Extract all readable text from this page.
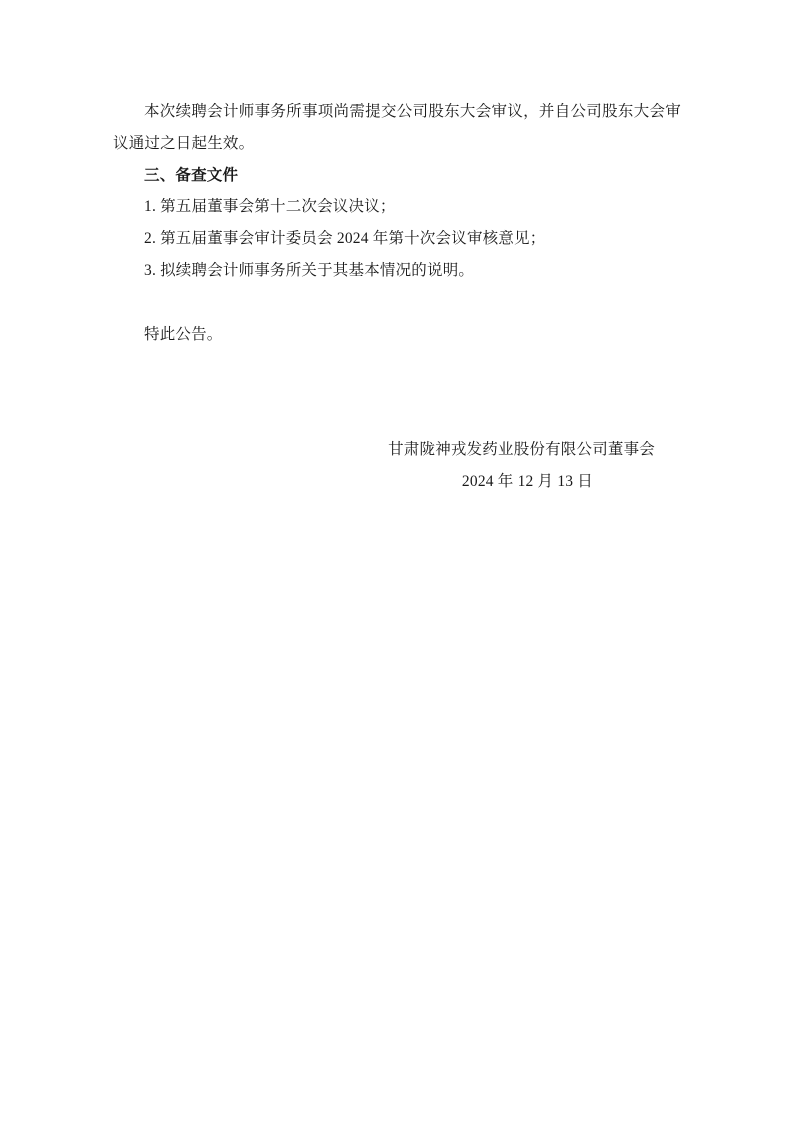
本次续聘会计师事务所事项尚需提交公司股东大会审议，并自公司股东大会审议通过之日起生效。

三、备查文件

1. 第五届董事会第十二次会议决议；

2. 第五届董事会审计委员会 2024 年第十次会议审核意见；

3. 拟续聘会计师事务所关于其基本情况的说明。

特此公告。

甘肃陇神戎发药业股份有限公司董事会

2024 年 12 月 13 日
